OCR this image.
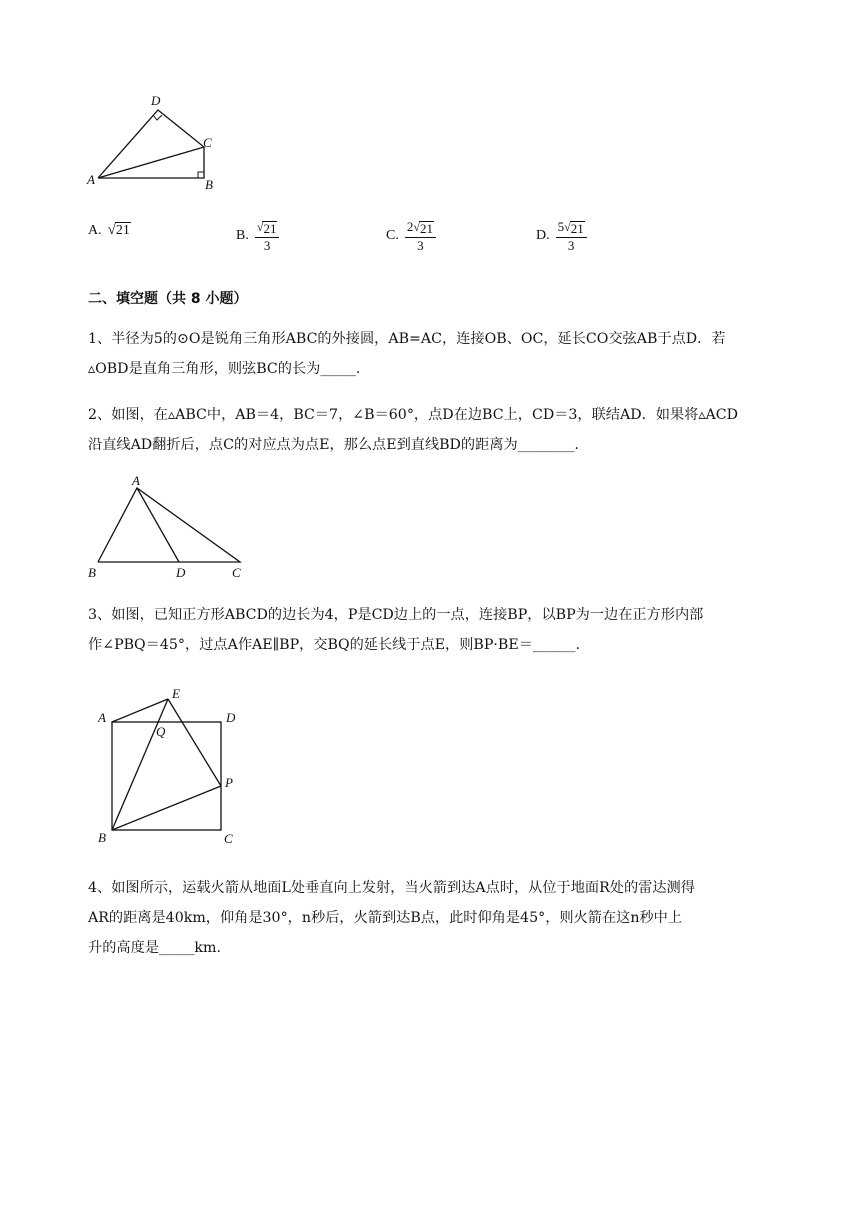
D
C
A	B
A. √ 21	B. $\frac{√ 21}{3}$	C. $\frac{2 √ 21}{3}$	D. $\frac{5 √ 21}{3}$
二、填空题（共 8 小题）
1、半径为5的⊙O是锐角三角形ABC的外接圆，AB=AC，连接OB、OC，延长CO交弦AB于点D．若
▵OBD是直角三角形，则弦BC的长为_____.
2、如图，在▵ABC中，AB＝4，BC＝7，∠B＝60°，点D在边BC上，CD＝3，联结AD．如果将▵ACD
沿直线AD翻折后，点C的对应点为点E，那么点E到直线BD的距离为________.
A
B	D	C
3、如图，已知正方形ABCD的边长为4，P是CD边上的一点，连接BP，以BP为一边在正方形内部
作∠PBQ＝45°，过点A作AE∥BP，交BQ的延长线于点E，则BP·BE＝______.
E
A	D
Q
P
B	C
4、如图所示，运载火箭从地面L处垂直向上发射，当火箭到达A点时，从位于地面R处的雷达测得
AR的距离是40km，仰角是30°，n秒后，火箭到达B点，此时仰角是45°，则火箭在这n秒中上
升的高度是_____km.
